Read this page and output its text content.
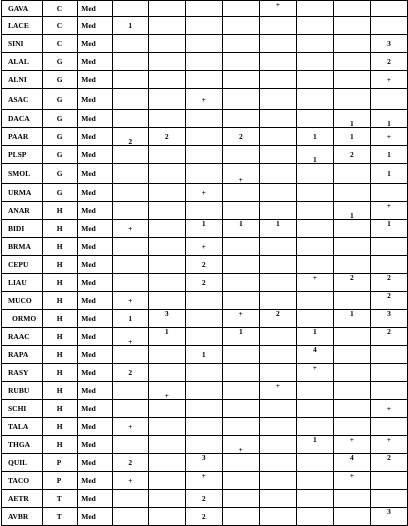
GAVA	C	Med					+			
LACE	C	Med	1							
SINI	C	Med								3
ALAL	G	Med								2
ALNI	G	Med								+
ASAC	G	Med			+					
DACA	G	Med							1	1
PAAR	G	Med	2	2		2		1	1	+
PLSP	G	Med						1	2	1
SMOL	G	Med				+				1
URMA	G	Med			+					
ANAR	H	Med							1	+
BIDI	H	Med	+		1	1	1			1
BRMA	H	Med			+					
CEPU	H	Med			2					
LIAU	H	Med			2			+	2	2
MUCO	H	Med	+							2
ORMO	H	Med	1	3		+	2		1	3
RAAC	H	Med	+	1		1		1		2
RAPA	H	Med			1			4		
RASY	H	Med	2					+		
RUBU	H	Med		+			+			
SCHI	H	Med								+
TALA	H	Med	+							
THGA	H	Med				+		1	+	+
QUIL	P	Med	2		3				4	2
TACO	P	Med	+		+				+	
AETR	T	Med			2					
AVBR	T	Med			2					3
